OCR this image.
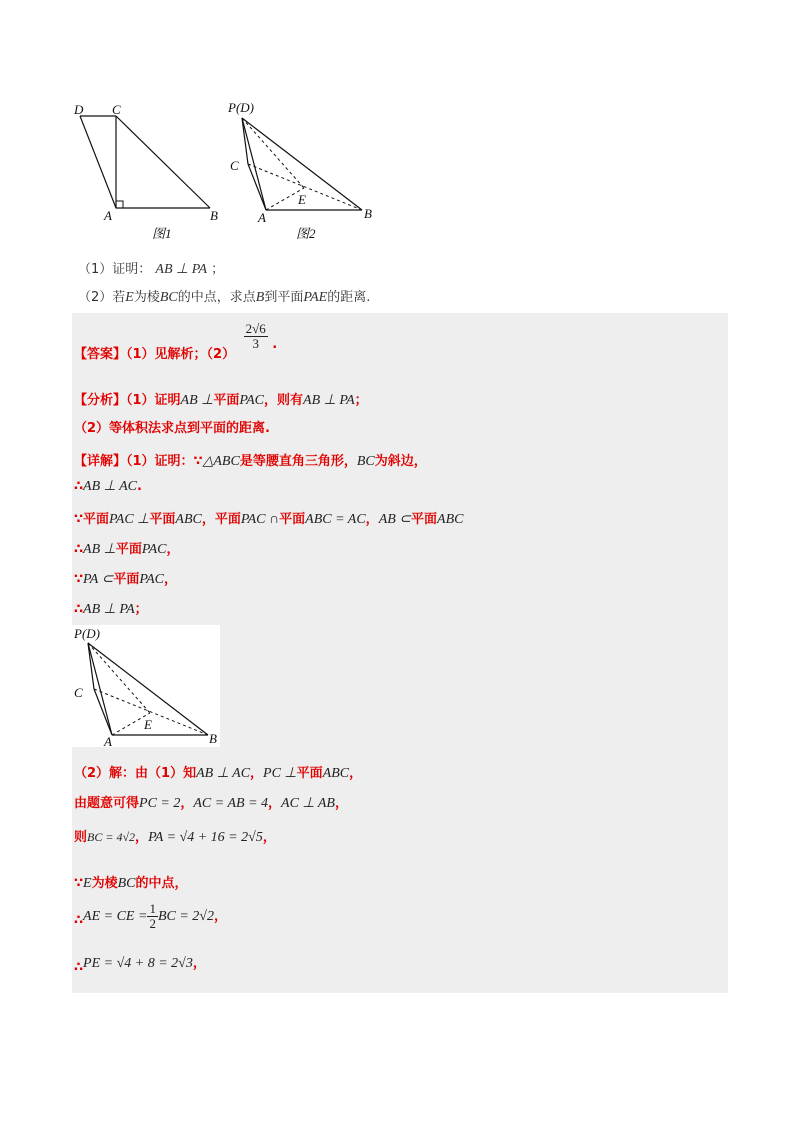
D C
A	B
图1
P(D)
C
A
E
B
图2
（1）证明： AB ⊥ PA ；
（2）若E为棱BC的中点，求点B到平面PAE的距离.
【答案】（1）见解析；（2）
$\frac{2√6}{3}$ .
【分析】（1）证明AB ⊥平面PAC，则有AB ⊥ PA；
（2）等体积法求点到平面的距离.
【详解】（1）证明：∵△ABC是等腰直角三角形，BC为斜边，
∴AB ⊥ AC.
∵平面PAC ⊥平面ABC，平面PAC ∩平面ABC = AC，AB ⊂平面ABC
∴AB ⊥平面PAC，
∵PA ⊂平面PAC，
∴AB ⊥ PA；
P(D)
C
A
E
B
（2）解：由（1）知AB ⊥ AC，PC ⊥平面ABC，
由题意可得PC = 2，AC = AB = 4，AC ⊥ AB，
则BC = 4√2，PA = √4 + 16 = 2√5，
∵E为棱BC的中点，
∴AE = CE = $\frac{1}{2}$ BC = 2√2，
∴PE = √4 + 8 = 2√3，
